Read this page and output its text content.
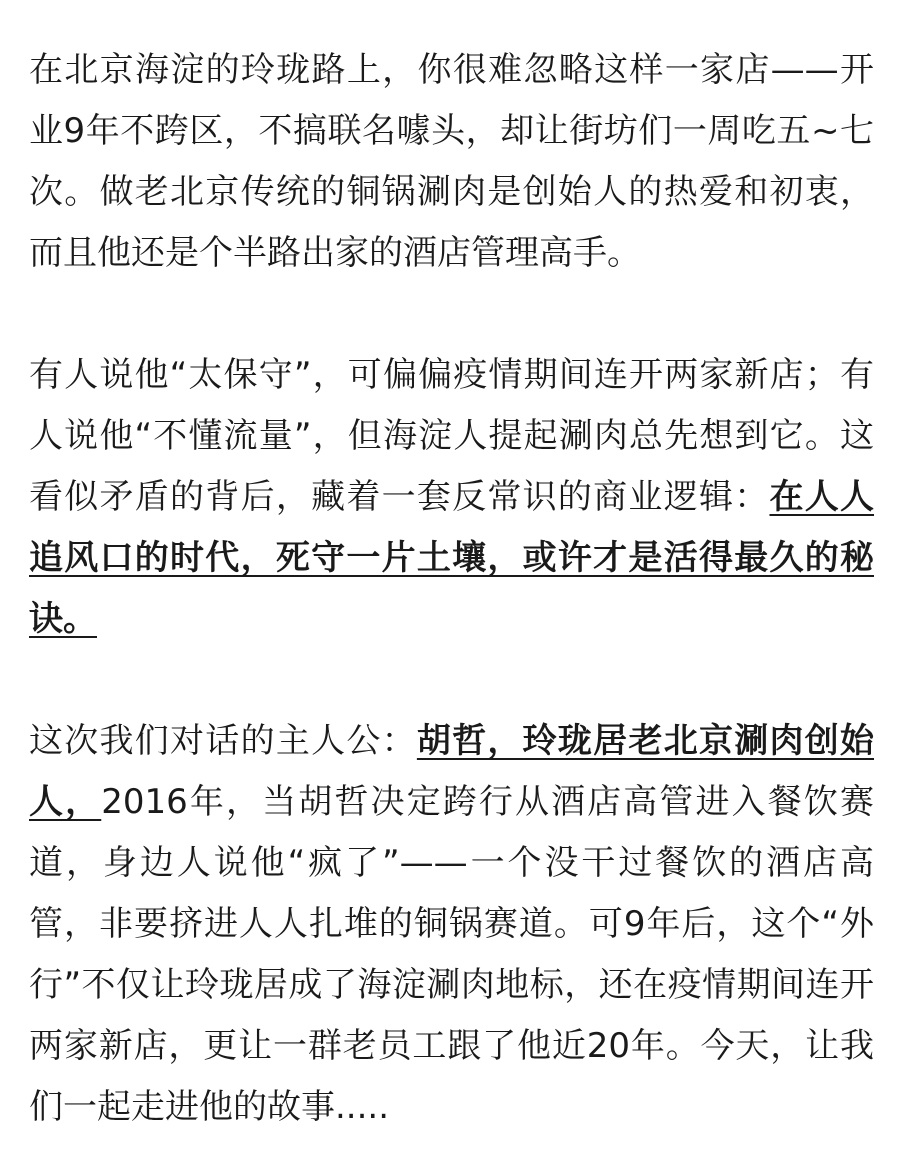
在北京海淀的玲珑路上，你很难忽略这样一家店——开业9年不跨区，不搞联名噱头，却让街坊们一周吃五~七次。做老北京传统的铜锅涮肉是创始人的热爱和初衷，而且他还是个半路出家的酒店管理高手。

有人说他“太保守”，可偏偏疫情期间连开两家新店；有人说他“不懂流量”，但海淀人提起涮肉总先想到它。这看似矛盾的背后，藏着一套反常识的商业逻辑：在人人追风口的时代，死守一片土壤，或许才是活得最久的秘诀。

这次我们对话的主人公：胡哲，玲珑居老北京涮肉创始人，2016年，当胡哲决定跨行从酒店高管进入餐饮赛道，身边人说他“疯了”——一个没干过餐饮的酒店高管，非要挤进人人扎堆的铜锅赛道。可9年后，这个“外行”不仅让玲珑居成了海淀涮肉地标，还在疫情期间连开两家新店，更让一群老员工跟了他近20年。今天，让我们一起走进他的故事.....
